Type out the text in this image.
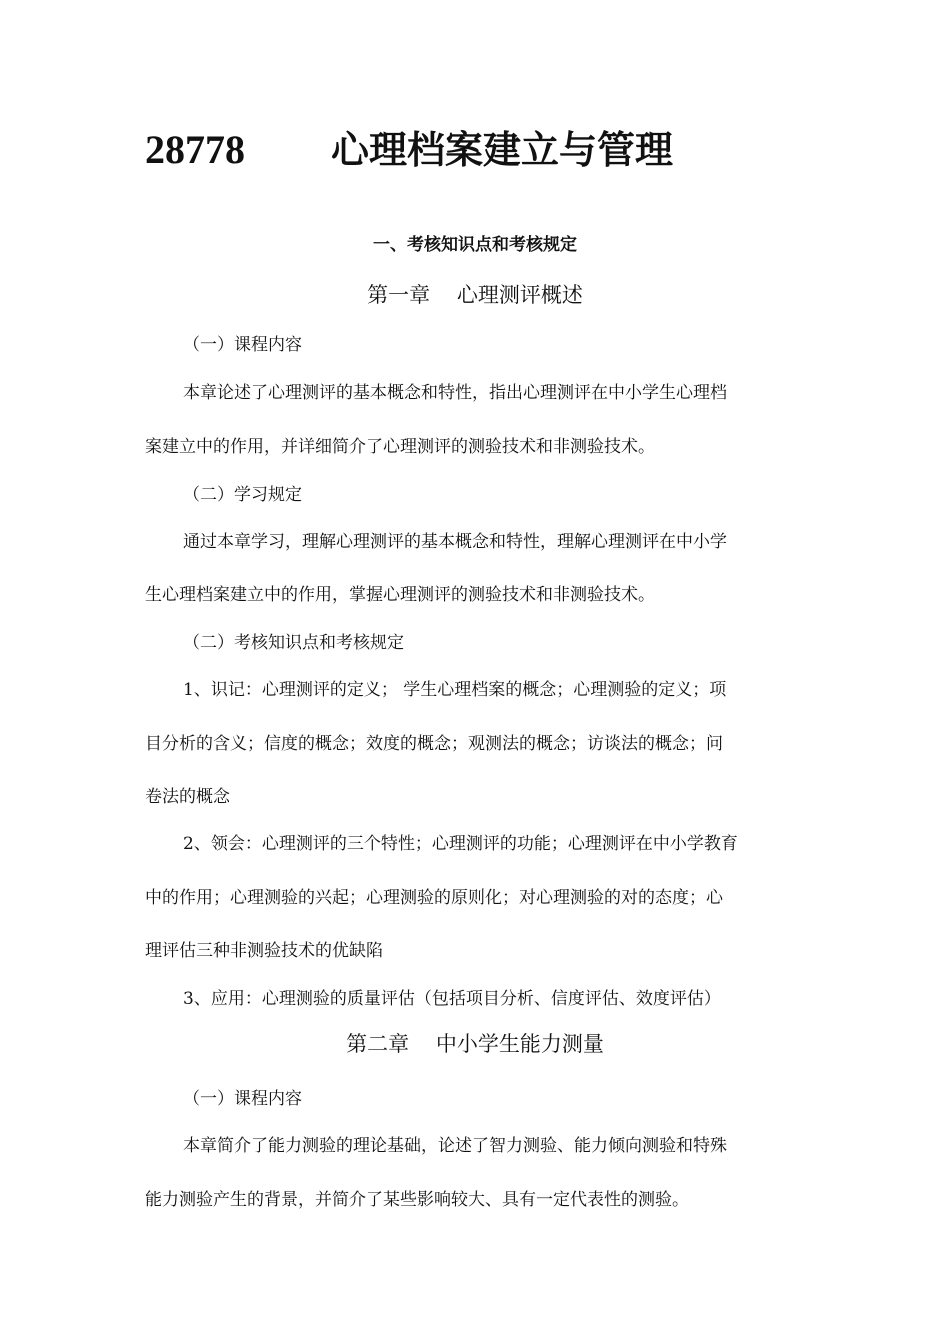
28778 心理档案建立与管理
一、考核知识点和考核规定
第一章    心理测评概述
（一）课程内容
本章论述了心理测评的基本概念和特性，指出心理测评在中小学生心理档
案建立中的作用，并详细简介了心理测评的测验技术和非测验技术。
（二）学习规定
通过本章学习，理解心理测评的基本概念和特性，理解心理测评在中小学
生心理档案建立中的作用，掌握心理测评的测验技术和非测验技术。
（二）考核知识点和考核规定
1、识记：心理测评的定义； 学生心理档案的概念；心理测验的定义；项
目分析的含义；信度的概念；效度的概念；观测法的概念；访谈法的概念；问
卷法的概念
2、领会：心理测评的三个特性；心理测评的功能；心理测评在中小学教育
中的作用；心理测验的兴起；心理测验的原则化；对心理测验的对的态度；心
理评估三种非测验技术的优缺陷
3、应用：心理测验的质量评估（包括项目分析、信度评估、效度评估）
第二章    中小学生能力测量
（一）课程内容
本章简介了能力测验的理论基础，论述了智力测验、能力倾向测验和特殊
能力测验产生的背景，并简介了某些影响较大、具有一定代表性的测验。
